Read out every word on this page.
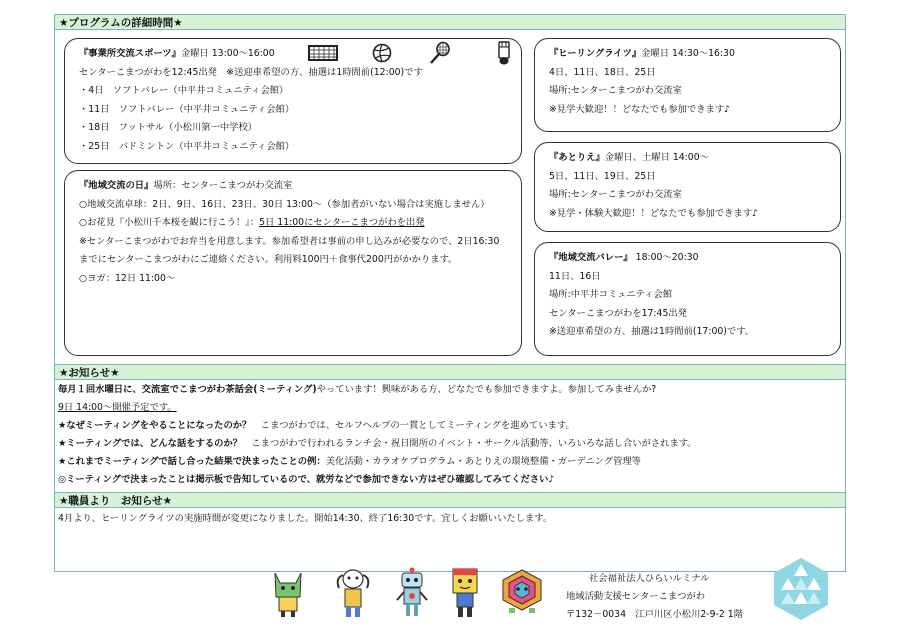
★プログラムの詳細時間★
『事業所交流スポーツ』金曜日 13:00～16:00
センターこまつがわを12:45出発　※送迎車希望の方、抽選は1時間前(12:00)です
・4日　ソフトバレー（中平井コミュニティ会館）
・11日　ソフトバレー（中平井コミュニティ会館）
・18日　フットサル（小松川第一中学校）
・25日　バドミントン（中平井コミュニティ会館）
『ヒーリングライツ』金曜日 14:30～16:30
4日、11日、18日、25日
場所:センターこまつがわ交流室
※見学大歓迎！！どなたでも参加できます♪
『あとりえ』金曜日、土曜日 14:00～
5日、11日、19日、25日
場所:センターこまつがわ交流室
※見学・体験大歓迎！！どなたでも参加できます♪
『地域交流の日』場所：センターこまつがわ交流室
○地域交流卓球：2日、9日、16日、23日、30日 13:00～（参加者がいない場合は実施しません）
○お花見『小松川千本桜を観に行こう！』：5日 11:00にセンターこまつがわを出発
※センターこまつがわでお弁当を用意します。参加希望者は事前の申し込みが必要なので、2日16:30までにセンターこまつがわにご連絡ください。利用料100円＋食事代200円がかかります。
○ヨガ：12日 11:00～
『地域交流バレー』 18:00～20:30
11日、16日
場所:中平井コミュニティ会館
センターこまつがわを17:45出発
※送迎車希望の方、抽選は1時間前(17:00)です。
★お知らせ★
毎月１回水曜日に、交流室でこまつがわ茶話会(ミーティング)やっています！興味がある方、どなたでも参加できますよ。参加してみませんか?
9日 14:00～開催予定です。
★なぜミーティングをやることになったのか？　こまつがわでは、セルフヘルプの一貫としてミーティングを進めています。
★ミーティングでは、どんな話をするのか？　こまつがわで行われるランチ会・祝日開所のイベント・サークル活動等、いろいろな話し合いがされます。
★これまでミーティングで話し合った結果で決まったことの例：美化活動・カラオケプログラム・あとりえの環境整備・ガーデニング管理等
◎ミーティングで決まったことは掲示板で告知しているので、就労などで参加できない方はぜひ確認してみてください♪
★職員より　お知らせ★
4月より、ヒーリングライツの実施時間が変更になりました。開始14:30、終了16:30です。宜しくお願いいたします。
社会福祉法人ひらいルミナル
地域活動支援センターこまつがわ
〒132－0034　江戸川区小松川2-9-2 1階
